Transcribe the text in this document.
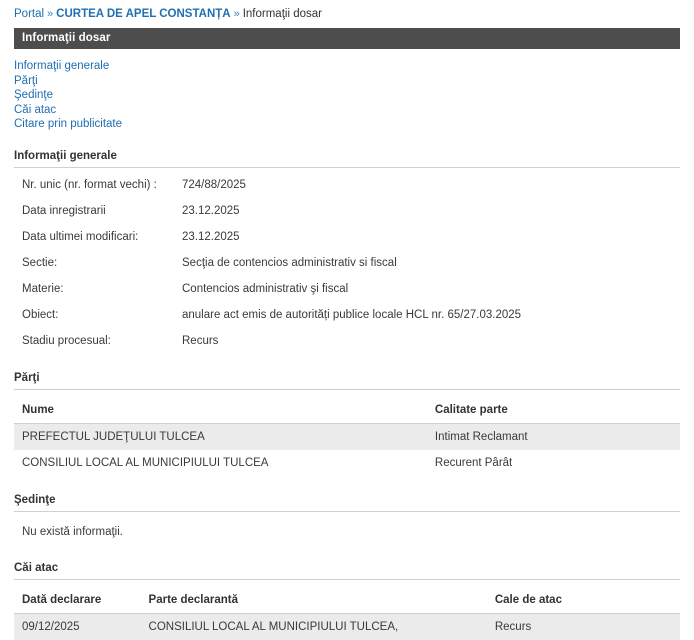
Portal » CURTEA DE APEL CONSTANȚA » Informaţii dosar
Informaţii dosar
Informaţii generale
Părţi
Şedinţe
Căi atac
Citare prin publicitate
Informaţii generale
Nr. unic (nr. format vechi) :	724/88/2025
Data inregistrarii	23.12.2025
Data ultimei modificari:	23.12.2025
Sectie:	Secţia de contencios administrativ si fiscal
Materie:	Contencios administrativ şi fiscal
Obiect:	anulare act emis de autorități publice locale HCL nr. 65/27.03.2025
Stadiu procesual:	Recurs
Părţi
Nume	Calitate parte
PREFECTUL JUDEŢULUI TULCEA	Intimat Reclamant
CONSILIUL LOCAL AL MUNICIPIULUI TULCEA	Recurent Pârât
Şedinţe
Nu există informaţii.
Căi atac
Dată declarare	Parte declarantă	Cale de atac
09/12/2025	CONSILIUL LOCAL AL MUNICIPIULUI TULCEA,	Recurs
